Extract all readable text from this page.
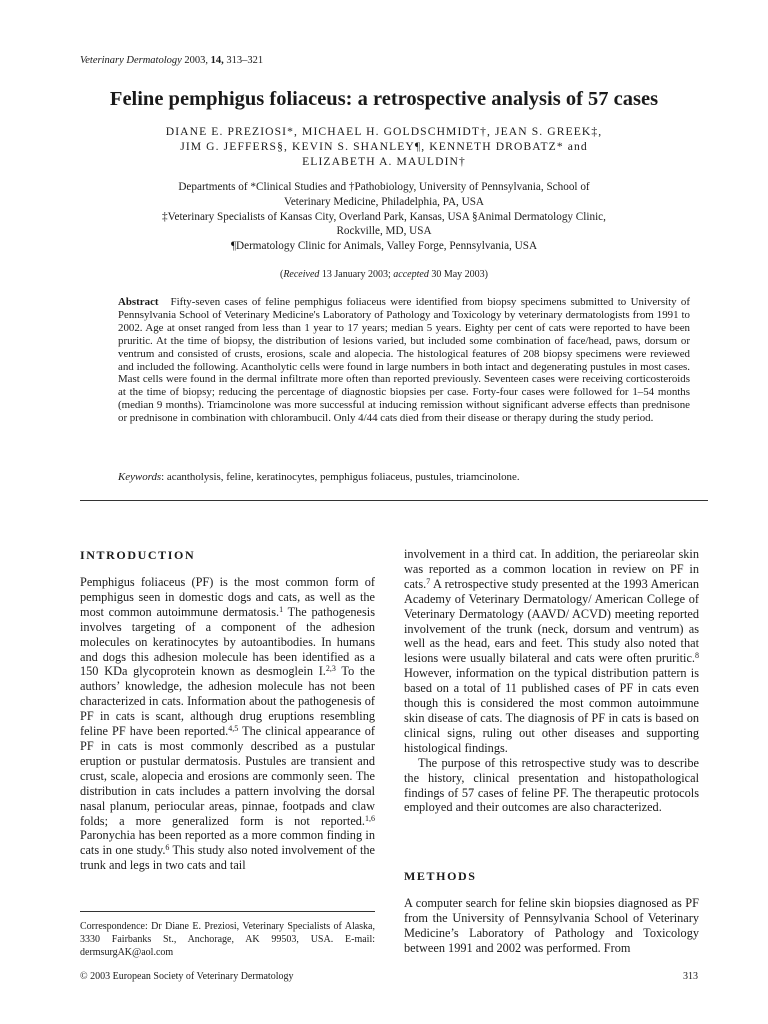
Veterinary Dermatology 2003, 14, 313–321
Feline pemphigus foliaceus: a retrospective analysis of 57 cases
DIANE E. PREZIOSI*, MICHAEL H. GOLDSCHMIDT†, JEAN S. GREEK‡,
JIM G. JEFFERS§, KEVIN S. SHANLEY¶, KENNETH DROBATZ* and
ELIZABETH A. MAULDIN†
Departments of *Clinical Studies and †Pathobiology, University of Pennsylvania, School of
Veterinary Medicine, Philadelphia, PA, USA
‡Veterinary Specialists of Kansas City, Overland Park, Kansas, USA §Animal Dermatology Clinic,
Rockville, MD, USA
¶Dermatology Clinic for Animals, Valley Forge, Pennsylvania, USA
(Received 13 January 2003; accepted 30 May 2003)
Abstract Fifty-seven cases of feline pemphigus foliaceus were identified from biopsy specimens submitted to University of Pennsylvania School of Veterinary Medicine's Laboratory of Pathology and Toxicology by veterinary dermatologists from 1991 to 2002. Age at onset ranged from less than 1 year to 17 years; median 5 years. Eighty per cent of cats were reported to have been pruritic. At the time of biopsy, the distribution of lesions varied, but included some combination of face/head, paws, dorsum or ventrum and consisted of crusts, erosions, scale and alopecia. The histological features of 208 biopsy specimens were reviewed and included the following. Acantholytic cells were found in large numbers in both intact and degenerating pustules in most cases. Mast cells were found in the dermal infiltrate more often than reported previously. Seventeen cases were receiving corticosteroids at the time of biopsy; reducing the percentage of diagnostic biopsies per case. Forty-four cases were followed for 1–54 months (median 9 months). Triamcinolone was more successful at inducing remission without significant adverse effects than prednisone or prednisone in combination with chlorambucil. Only 4/44 cats died from their disease or therapy during the study period.
Keywords: acantholysis, feline, keratinocytes, pemphigus foliaceus, pustules, triamcinolone.
INTRODUCTION

Pemphigus foliaceus (PF) is the most common form of pemphigus seen in domestic dogs and cats, as well as the most common autoimmune dermatosis.$^1$ The pathogenesis involves targeting of a component of the adhesion molecules on keratinocytes by autoantibodies. In humans and dogs this adhesion molecule has been identified as a 150 KDa glycoprotein known as desmoglein I.$^{2,3}$ To the authors’ knowledge, the adhesion molecule has not been characterized in cats. Information about the pathogenesis of PF in cats is scant, although drug eruptions resembling feline PF have been reported.$^{4,5}$ The clinical appearance of PF in cats is most commonly described as a pustular eruption or pustular dermatosis. Pustules are transient and crust, scale, alopecia and erosions are commonly seen. The distribution in cats includes a pattern involving the dorsal nasal planum, periocular areas, pinnae, footpads and claw folds; a more generalized form is not reported.$^{1,6}$ Paronychia has been reported as a more common finding in cats in one study.$^6$ This study also noted involvement of the trunk and legs in two cats and tail

involvement in a third cat. In addition, the periareolar skin was reported as a common location in review on PF in cats.$^7$ A retrospective study presented at the 1993 American Academy of Veterinary Dermatology/ American College of Veterinary Dermatology (AAVD/ ACVD) meeting reported involvement of the trunk (neck, dorsum and ventrum) as well as the head, ears and feet. This study also noted that lesions were usually bilateral and cats were often pruritic.$^8$ However, information on the typical distribution pattern is based on a total of 11 published cases of PF in cats even though this is considered the most common autoimmune skin disease of cats. The diagnosis of PF in cats is based on clinical signs, ruling out other diseases and supporting histological findings.

The purpose of this retrospective study was to describe the history, clinical presentation and histopathological findings of 57 cases of feline PF. The therapeutic protocols employed and their outcomes are also characterized.

METHODS

A computer search for feline skin biopsies diagnosed as PF from the University of Pennsylvania School of Veterinary Medicine’s Laboratory of Pathology and Toxicology between 1991 and 2002 was performed. From

Correspondence: Dr Diane E. Preziosi, Veterinary Specialists of Alaska, 3330 Fairbanks St., Anchorage, AK 99503, USA. E-mail: dermsurgAK@aol.com
© 2003 European Society of Veterinary Dermatology	313
